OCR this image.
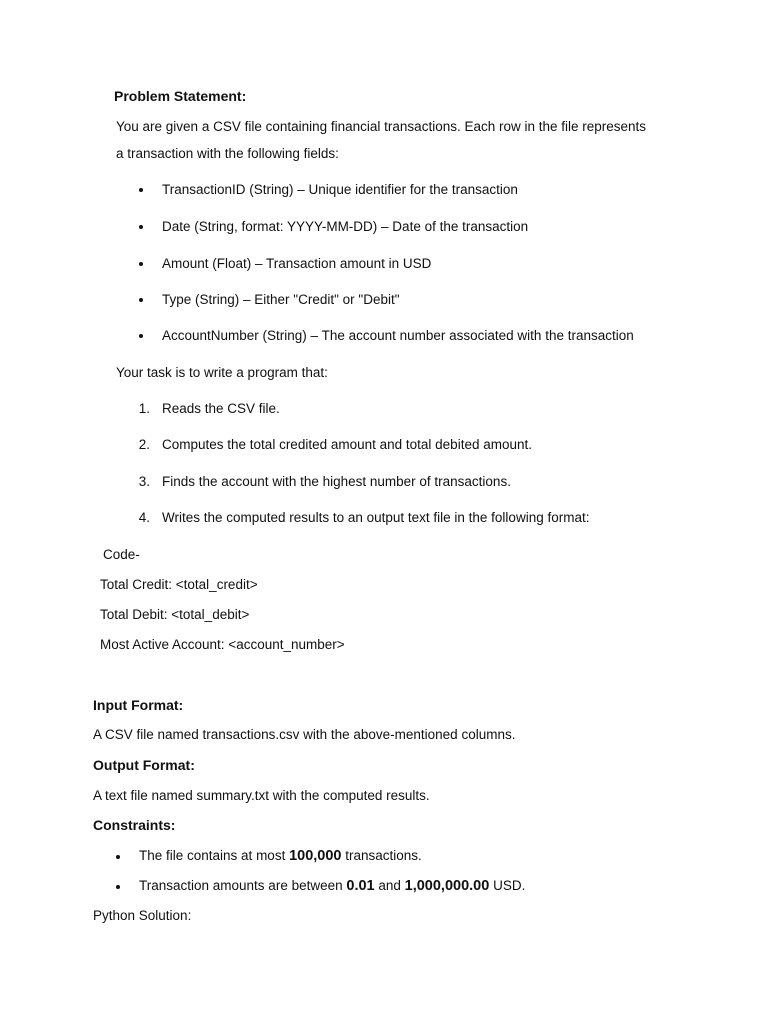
Problem Statement:
You are given a CSV file containing financial transactions. Each row in the file represents
a transaction with the following fields:
TransactionID (String) – Unique identifier for the transaction
Date (String, format: YYYY-MM-DD) – Date of the transaction
Amount (Float) – Transaction amount in USD
Type (String) – Either "Credit" or "Debit"
AccountNumber (String) – The account number associated with the transaction
Your task is to write a program that:
1. Reads the CSV file.
2. Computes the total credited amount and total debited amount.
3. Finds the account with the highest number of transactions.
4. Writes the computed results to an output text file in the following format:
Code-
Total Credit: <total_credit>
Total Debit: <total_debit>
Most Active Account: <account_number>
Input Format:
A CSV file named transactions.csv with the above-mentioned columns.
Output Format:
A text file named summary.txt with the computed results.
Constraints:
The file contains at most 100,000 transactions.
Transaction amounts are between 0.01 and 1,000,000.00 USD.
Python Solution:
